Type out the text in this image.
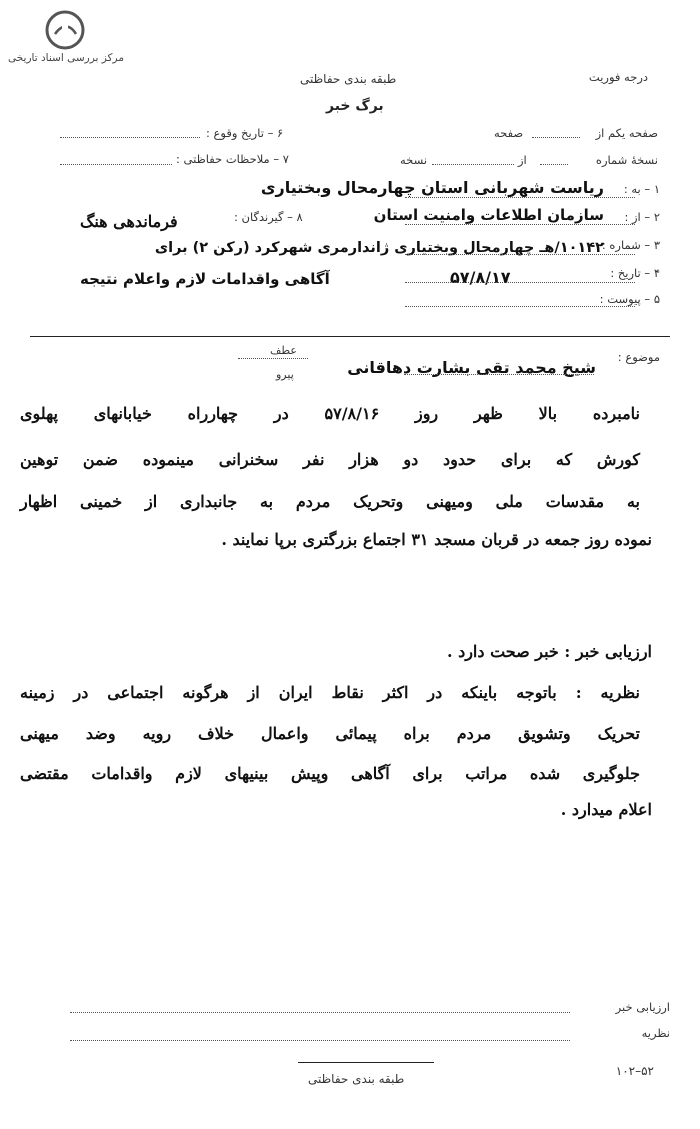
مرکز بررسی اسناد تاریخی
درجه فوریت
طبقه بندی حفاظتی
برگ خبر
صفحه یکم از
صفحه
نسخهٔ شماره
از
نسخه
۶ – تاریخ وقوع :
۷ – ملاحظات حفاظتی :
۱ – به :
ریاست شهربانی استان چهارمحال وبختیاری
۲ – از :
سازمان اطلاعات وامنیت استان
۸ – گیرندگان :
فرماندهی هنگ
۳ – شماره :
۱۰۱۴۲/هـ چهارمحال وبختیاری ژاندارمری شهرکرد (رکن ۲) برای
۴ – تاریخ :
۵۷/۸/۱۷
آگاهی واقدامات لازم واعلام نتیجه
۵ – پیوست :
موضوع :
شیخ محمد تقی بشارت دهاقانی
عطف
پیرو
نامبرده بالا ظهر روز ۵۷/۸/۱۶ در چهارراه خیابانهای پهلوی
کورش که برای حدود دو هزار نفر سخنرانی مینموده ضمن توهین
به مقدسات ملی ومیهنی وتحریک مردم به جانبداری از خمینی اظهار
نموده روز جمعه در قربان مسجد ۳۱ اجتماع بزرگتری برپا نمایند .
ارزیابی خبر : خبر صحت دارد .
نظریه : باتوجه باینکه در اکثر نقاط ایران از هرگونه اجتماعی در زمینه
تحریک وتشویق مردم براه پیمائی واعمال خلاف رویه وضد میهنی
جلوگیری شده مراتب برای آگاهی وپیش بینیهای لازم واقدامات مقتضی
اعلام میدارد .
ارزیابی خبر
نظریه
طبقه بندی حفاظتی
۵۲–۱۰۲
